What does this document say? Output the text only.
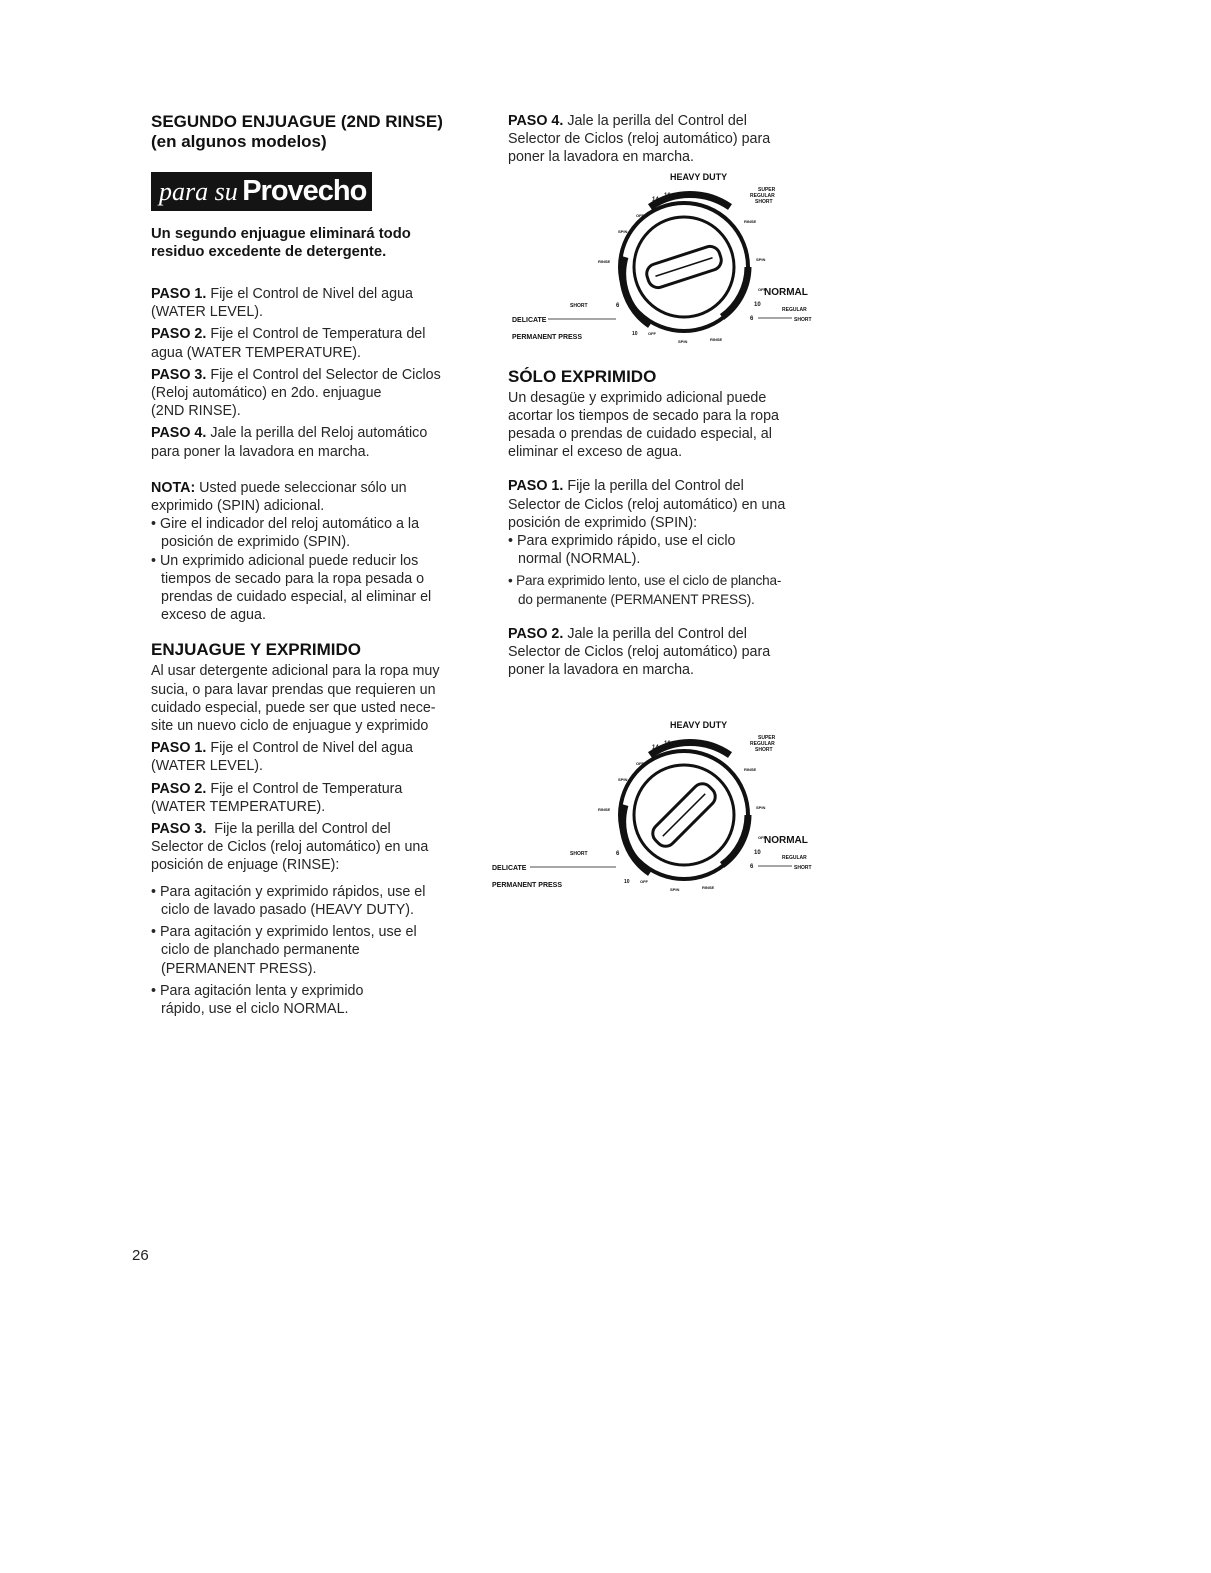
SEGUNDO ENJUAGUE (2ND RINSE)
(en algunos modelos)
para su Provecho
Un segundo enjuague eliminará todo
residuo excedente de detergente.

PASO 1. Fije el Control de Nivel del agua
(WATER LEVEL).

PASO 2. Fije el Control de Temperatura del
agua (WATER TEMPERATURE).

PASO 3. Fije el Control del Selector de Ciclos
(Reloj automático) en 2do. enjuague
(2ND RINSE).

PASO 4. Jale la perilla del Reloj automático
para poner la lavadora en marcha.

NOTA: Usted puede seleccionar sólo un
exprimido (SPIN) adicional.

• Gire el indicador del reloj automático a la
posición de exprimido (SPIN).

• Un exprimido adicional puede reducir los
tiempos de secado para la ropa pesada o
prendas de cuidado especial, al eliminar el
exceso de agua.

ENJUAGUE Y EXPRIMIDO

Al usar detergente adicional para la ropa muy
sucia, o para lavar prendas que requieren un
cuidado especial, puede ser que usted nece-
site un nuevo ciclo de enjuague y exprimido

PASO 1. Fije el Control de Nivel del agua
(WATER LEVEL).

PASO 2. Fije el Control de Temperatura
(WATER TEMPERATURE).

PASO 3.  Fije la perilla del Control del
Selector de Ciclos (reloj automático) en una
posición de enjuage (RINSE):

• Para agitación y exprimido rápidos, use el
ciclo de lavado pasado (HEAVY DUTY).

• Para agitación y exprimido lentos, use el
ciclo de planchado permanente
(PERMANENT PRESS).

• Para agitación lenta y exprimido
rápido, use el ciclo NORMAL.

PASO 4. Jale la perilla del Control del
Selector de Ciclos (reloj automático) para
poner la lavadora en marcha.

HEAVY DUTY
SUPER
REGULAR
SHORT
14
10 6
OFF
SPIN
RINSE
RINSE	SPIN
OFF
NORMAL
10
REGULAR
6	SHORT
SHORT	6
DELICATE
PERMANENT PRESS	10	OFF
SPIN	RINSE
SÓLO EXPRIMIDO

Un desagüe y exprimido adicional puede
acortar los tiempos de secado para la ropa
pesada o prendas de cuidado especial, al
eliminar el exceso de agua.

PASO 1. Fije la perilla del Control del
Selector de Ciclos (reloj automático) en una
posición de exprimido (SPIN):

• Para exprimido rápido, use el ciclo
normal (NORMAL).

• Para exprimido lento, use el ciclo de plancha-
do permanente (PERMANENT PRESS).

PASO 2. Jale la perilla del Control del
Selector de Ciclos (reloj automático) para
poner la lavadora en marcha.

HEAVY DUTY
SUPER
REGULAR
SHORT
14
10 6
OFF
SPIN
RINSE
RINSE	SPIN
OFF
NORMAL
10
REGULAR
6	SHORT
SHORT	6
DELICATE
PERMANENT PRESS	10	OFF
SPIN	RINSE
26
